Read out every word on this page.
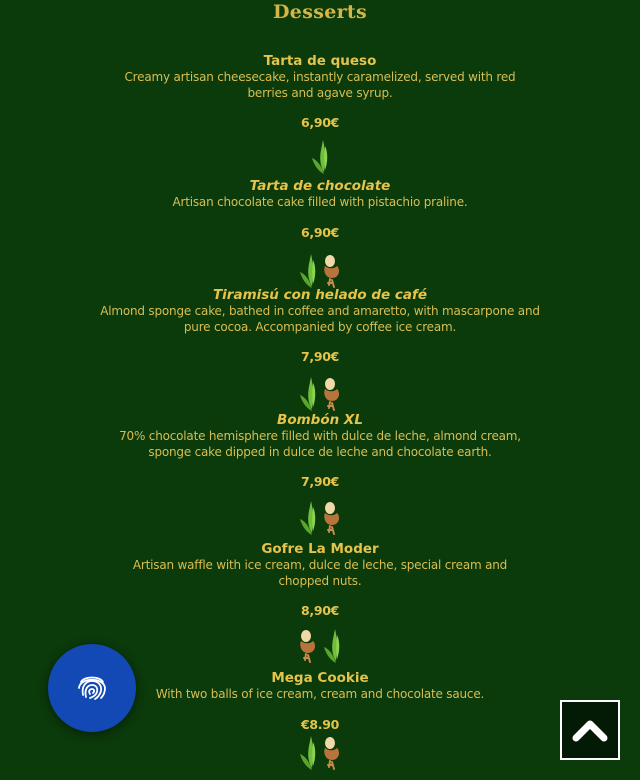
Desserts
Tarta de queso
Creamy artisan cheesecake, instantly caramelized, served with red berries and agave syrup.
6,90€
Tarta de chocolate
Artisan chocolate cake filled with pistachio praline.
6,90€
Tiramisú con helado de café
Almond sponge cake, bathed in coffee and amaretto, with mascarpone and pure cocoa. Accompanied by coffee ice cream.
7,90€
Bombón XL
70% chocolate hemisphere filled with dulce de leche, almond cream, sponge cake dipped in dulce de leche and chocolate earth.
7,90€
Gofre La Moder
Artisan waffle with ice cream, dulce de leche, special cream and chopped nuts.
8,90€
Mega Cookie
With two balls of ice cream, cream and chocolate sauce.
€8.90
